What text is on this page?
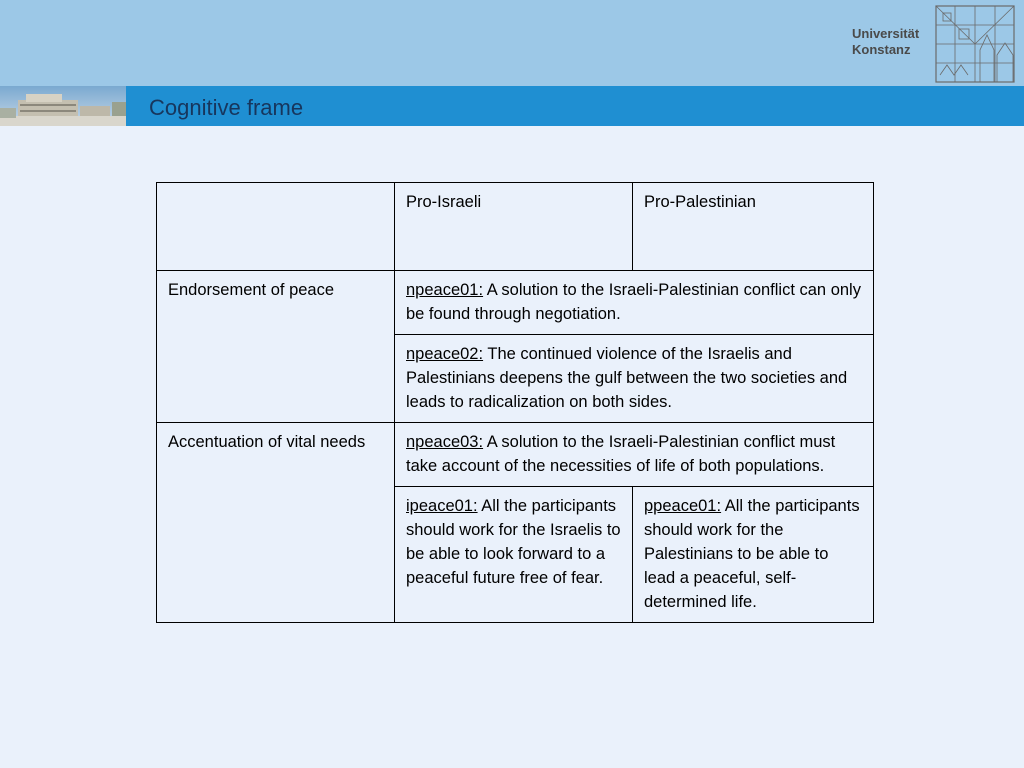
Universität
Konstanz
Cognitive frame
	Pro-Israeli	Pro-Palestinian
Endorsement of peace	npeace01: A solution to the Israeli-Palestinian conflict can only be found through negotiation.	
	npeace02: The continued violence of the Israelis and Palestinians deepens the gulf between the two societies and leads to radicalization on both sides.	
Accentuation of vital needs	npeace03: A solution to the Israeli-Palestinian conflict must take account of the necessities of life of both populations.	
	ipeace01: All the participants should work for the Israelis to be able to look forward to a peaceful future free of fear.	ppeace01: All the participants should work for the Palestinians to be able to lead a peaceful, self-determined life.
